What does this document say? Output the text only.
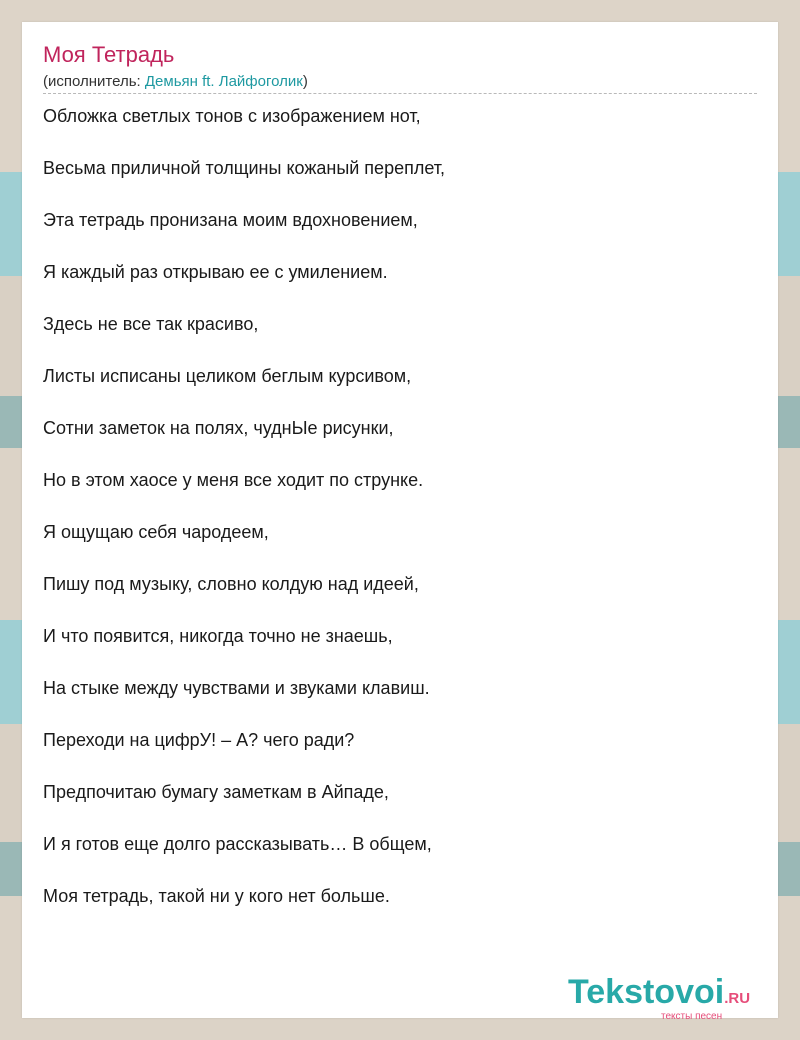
Моя Тетрадь
(исполнитель: Демьян ft. Лайфоголик)
Обложка светлых тонов с изображением нот,
Весьма приличной толщины кожаный переплет,
Эта тетрадь пронизана моим вдохновением,
Я каждый раз открываю ее с умилением.
Здесь не все так красиво,
Листы исписаны целиком беглым курсивом,
Сотни заметок на полях, чуднЫе рисунки,
Но в этом хаосе у меня все ходит по струнке.
Я ощущаю себя чародеем,
Пишу под музыку, словно колдую над идеей,
И что появится, никогда точно не знаешь,
На стыке между чувствами и звуками клавиш.
Переходи на цифрУ! – А? чего ради?
Предпочитаю бумагу заметкам в Айпаде,
И я готов еще долго рассказывать… В общем,
Моя тетрадь, такой ни у кого нет больше.
Tekstovoi.RU
тексты песен
